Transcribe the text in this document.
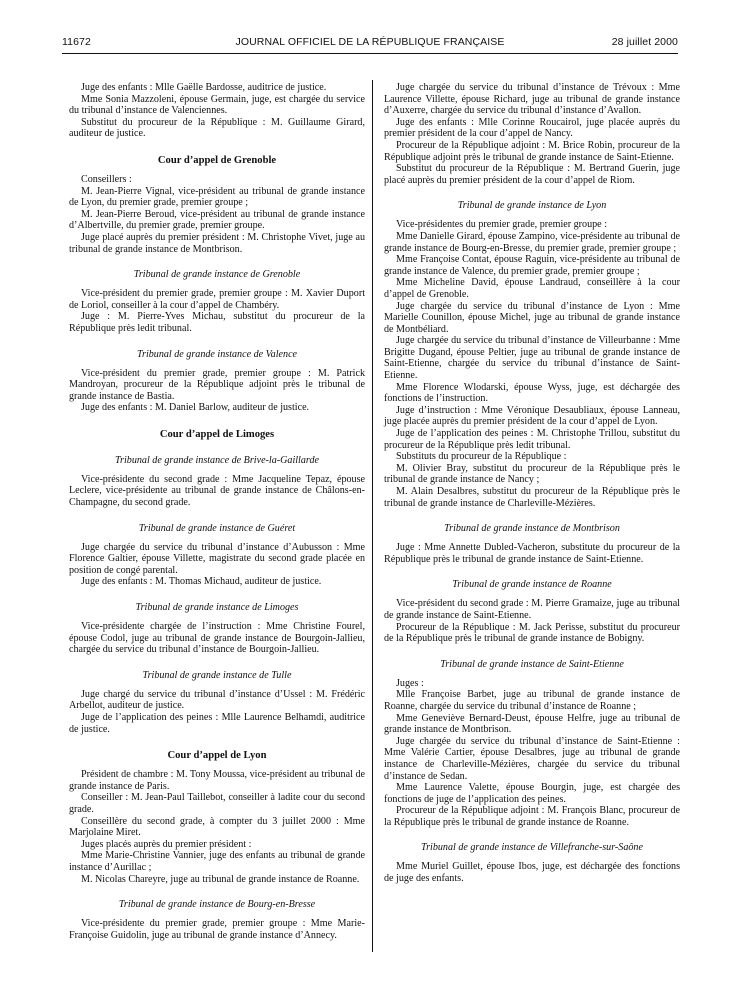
11672	JOURNAL OFFICIEL DE LA RÉPUBLIQUE FRANÇAISE	28 juillet 2000

Juge des enfants : Mlle Gaëlle Bardosse, auditrice de justice.

Mme Sonia Mazzoleni, épouse Germain, juge, est chargée du service du tribunal d’instance de Valenciennes.

Substitut du procureur de la République : M. Guillaume Girard, auditeur de justice.

Cour d’appel de Grenoble

Conseillers :

M. Jean-Pierre Vignal, vice-président au tribunal de grande instance de Lyon, du premier grade, premier groupe ;

M. Jean-Pierre Beroud, vice-président au tribunal de grande instance d’Albertville, du premier grade, premier groupe.

Juge placé auprès du premier président : M. Christophe Vivet, juge au tribunal de grande instance de Montbrison.

Tribunal de grande instance de Grenoble

Vice-président du premier grade, premier groupe : M. Xavier Duport de Loriol, conseiller à la cour d’appel de Chambéry.

Juge : M. Pierre-Yves Michau, substitut du procureur de la République près ledit tribunal.

Tribunal de grande instance de Valence

Vice-président du premier grade, premier groupe : M. Patrick Mandroyan, procureur de la République adjoint près le tribunal de grande instance de Bastia.

Juge des enfants : M. Daniel Barlow, auditeur de justice.

Cour d’appel de Limoges
Tribunal de grande instance de Brive-la-Gaillarde

Vice-présidente du second grade : Mme Jacqueline Tepaz, épouse Leclere, vice-présidente au tribunal de grande instance de Châlons-en-Champagne, du second grade.

Tribunal de grande instance de Guéret

Juge chargée du service du tribunal d’instance d’Aubusson : Mme Florence Galtier, épouse Villette, magistrate du second grade placée en position de congé parental.

Juge des enfants : M. Thomas Michaud, auditeur de justice.

Tribunal de grande instance de Limoges

Vice-présidente chargée de l’instruction : Mme Christine Fourel, épouse Codol, juge au tribunal de grande instance de Bourgoin-Jallieu, chargée du service du tribunal d’instance de Bourgoin-Jallieu.

Tribunal de grande instance de Tulle

Juge chargé du service du tribunal d’instance d’Ussel : M. Frédéric Arbellot, auditeur de justice.

Juge de l’application des peines : Mlle Laurence Belhamdi, auditrice de justice.

Cour d’appel de Lyon

Président de chambre : M. Tony Moussa, vice-président au tribunal de grande instance de Paris.

Conseiller : M. Jean-Paul Taillebot, conseiller à ladite cour du second grade.

Conseillère du second grade, à compter du 3 juillet 2000 : Mme Marjolaine Miret.

Juges placés auprès du premier président :

Mme Marie-Christine Vannier, juge des enfants au tribunal de grande instance d’Aurillac ;

M. Nicolas Chareyre, juge au tribunal de grande instance de Roanne.

Tribunal de grande instance de Bourg-en-Bresse

Vice-présidente du premier grade, premier groupe : Mme Marie-Françoise Guidolin, juge au tribunal de grande instance d’Annecy.

Juge chargée du service du tribunal d’instance de Trévoux : Mme Laurence Villette, épouse Richard, juge au tribunal de grande instance d’Auxerre, chargée du service du tribunal d’instance d’Avallon.

Juge des enfants : Mlle Corinne Roucairol, juge placée auprès du premier président de la cour d’appel de Nancy.

Procureur de la République adjoint : M. Brice Robin, procureur de la République adjoint près le tribunal de grande instance de Saint-Etienne.

Substitut du procureur de la République : M. Bertrand Guerin, juge placé auprès du premier président de la cour d’appel de Riom.

Tribunal de grande instance de Lyon

Vice-présidentes du premier grade, premier groupe :

Mme Danielle Girard, épouse Zampino, vice-présidente au tribunal de grande instance de Bourg-en-Bresse, du premier grade, premier groupe ;

Mme Françoise Contat, épouse Raguin, vice-présidente au tribunal de grande instance de Valence, du premier grade, premier groupe ;

Mme Micheline David, épouse Landraud, conseillère à la cour d’appel de Grenoble.

Juge chargée du service du tribunal d’instance de Lyon : Mme Marielle Counillon, épouse Michel, juge au tribunal de grande instance de Montbéliard.

Juge chargée du service du tribunal d’instance de Villeurbanne : Mme Brigitte Dugand, épouse Peltier, juge au tribunal de grande instance de Saint-Etienne, chargée du service du tribunal d’instance de Saint-Etienne.

Mme Florence Wlodarski, épouse Wyss, juge, est déchargée des fonctions de l’instruction.

Juge d’instruction : Mme Véronique Desaubliaux, épouse Lanneau, juge placée auprès du premier président de la cour d’appel de Lyon.

Juge de l’application des peines : M. Christophe Trillou, substitut du procureur de la République près ledit tribunal.

Substituts du procureur de la République :

M. Olivier Bray, substitut du procureur de la République près le tribunal de grande instance de Nancy ;

M. Alain Desalbres, substitut du procureur de la République près le tribunal de grande instance de Charleville-Mézières.

Tribunal de grande instance de Montbrison

Juge : Mme Annette Dubled-Vacheron, substitute du procureur de la République près le tribunal de grande instance de Saint-Etienne.

Tribunal de grande instance de Roanne

Vice-président du second grade : M. Pierre Gramaize, juge au tribunal de grande instance de Saint-Etienne.

Procureur de la République : M. Jack Perisse, substitut du procureur de la République près le tribunal de grande instance de Bobigny.

Tribunal de grande instance de Saint-Etienne

Juges :

Mlle Françoise Barbet, juge au tribunal de grande instance de Roanne, chargée du service du tribunal d’instance de Roanne ;

Mme Geneviève Bernard-Deust, épouse Helfre, juge au tribunal de grande instance de Montbrison.

Juge chargée du service du tribunal d’instance de Saint-Etienne : Mme Valérie Cartier, épouse Desalbres, juge au tribunal de grande instance de Charleville-Mézières, chargée du service du tribunal d’instance de Sedan.

Mme Laurence Valette, épouse Bourgin, juge, est chargée des fonctions de juge de l’application des peines.

Procureur de la République adjoint : M. François Blanc, procureur de la République près le tribunal de grande instance de Roanne.

Tribunal de grande instance de Villefranche-sur-Saône

Mme Muriel Guillet, épouse Ibos, juge, est déchargée des fonctions de juge des enfants.
